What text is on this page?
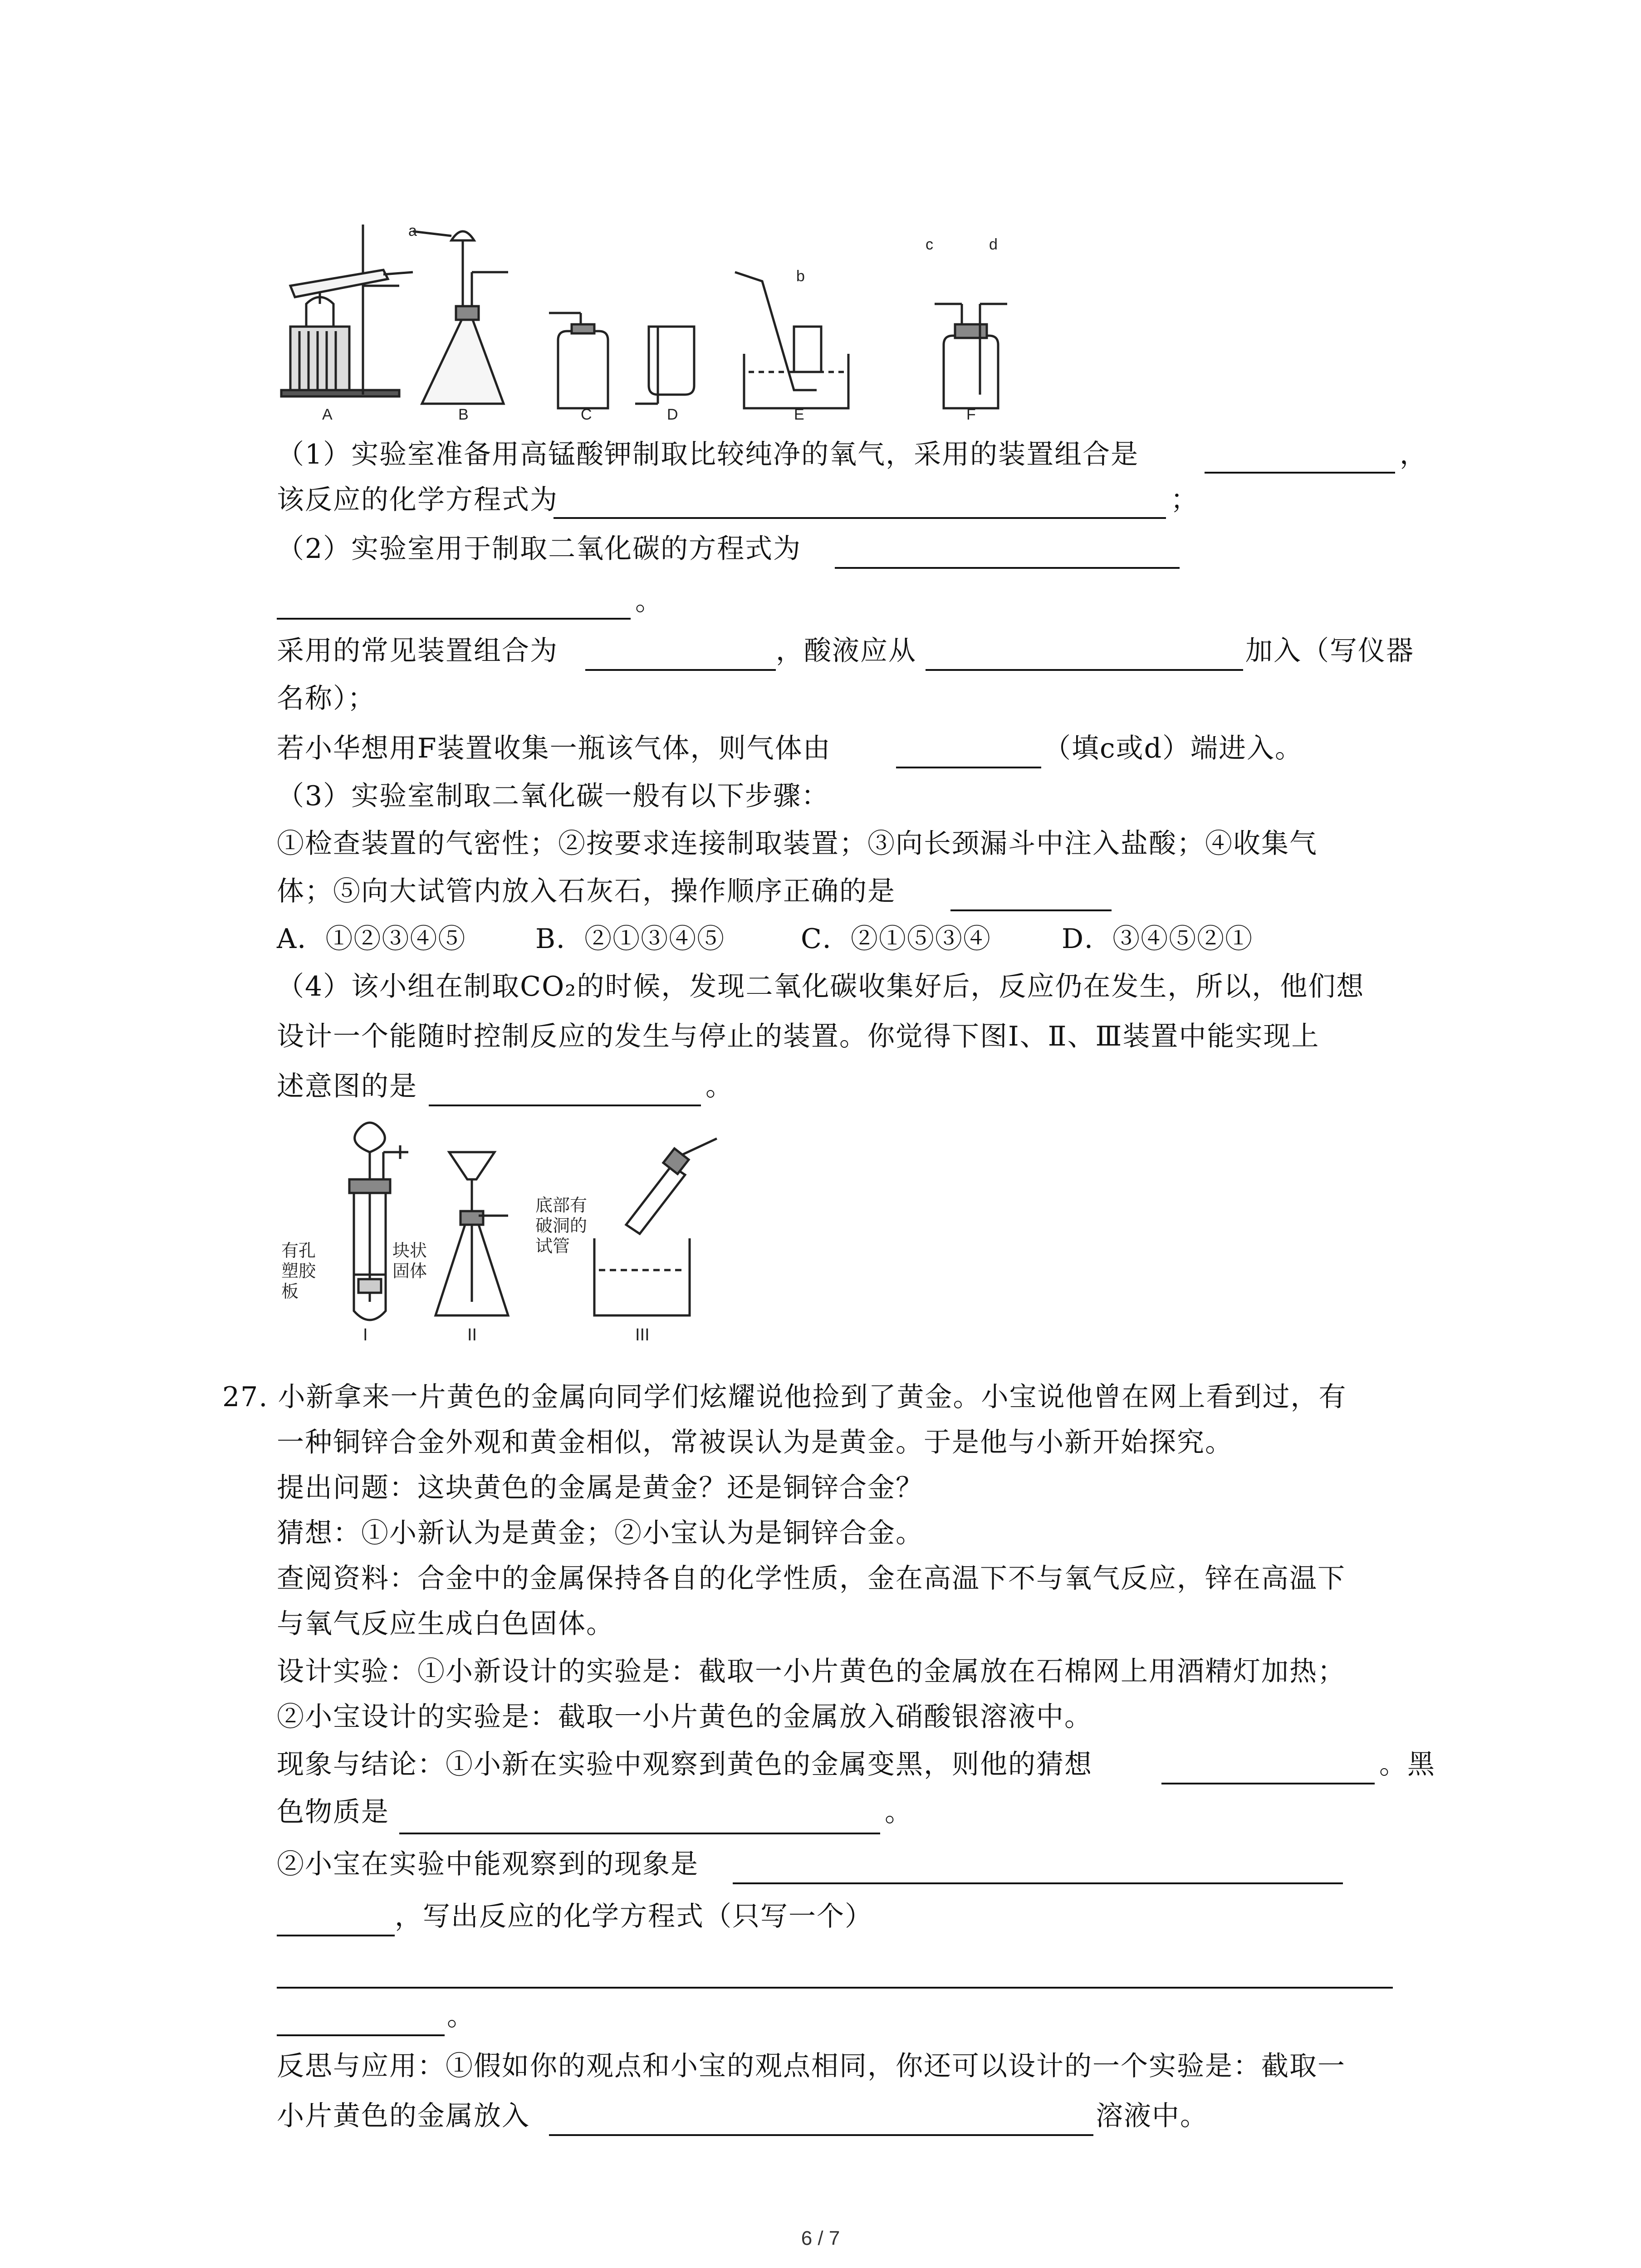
A	B	C	D	E	F
a
b
c	d
（1）实验室准备用高锰酸钾制取比较纯净的氧气，采用的装置组合是	，
该反应的化学方程式为	；
（2）实验室用于制取二氧化碳的方程式为
。
采用的常见装置组合为	，酸液应从	加入（写仪器
名称）；
若小华想用F装置收集一瓶该气体，则气体由	（填c或d）端进入。
（3）实验室制取二氧化碳一般有以下步骤：
①检查装置的气密性；②按要求连接制取装置；③向长颈漏斗中注入盐酸；④收集气
体；⑤向大试管内放入石灰石，操作顺序正确的是
A．①②③④⑤	B．②①③④⑤	C．②①⑤③④	D．③④⑤②①
（4）该小组在制取CO₂的时候，发现二氧化碳收集好后，反应仍在发生，所以，他们想
设计一个能随时控制反应的发生与停止的装置。你觉得下图Ⅰ、Ⅱ、Ⅲ装置中能实现上
述意图的是	。
有孔
塑胶
板
块状
固体
底部有
破洞的
试管
I	II	III
27. 小新拿来一片黄色的金属向同学们炫耀说他捡到了黄金。小宝说他曾在网上看到过，有
一种铜锌合金外观和黄金相似，常被误认为是黄金。于是他与小新开始探究。
提出问题：这块黄色的金属是黄金？还是铜锌合金？
猜想：①小新认为是黄金；②小宝认为是铜锌合金。
查阅资料：合金中的金属保持各自的化学性质，金在高温下不与氧气反应，锌在高温下
与氧气反应生成白色固体。
设计实验：①小新设计的实验是：截取一小片黄色的金属放在石棉网上用酒精灯加热；
②小宝设计的实验是：截取一小片黄色的金属放入硝酸银溶液中。
现象与结论：①小新在实验中观察到黄色的金属变黑，则他的猜想	。黑
色物质是	。
②小宝在实验中能观察到的现象是
，写出反应的化学方程式（只写一个）
。
反思与应用：①假如你的观点和小宝的观点相同，你还可以设计的一个实验是：截取一
小片黄色的金属放入	溶液中。
6 / 7
